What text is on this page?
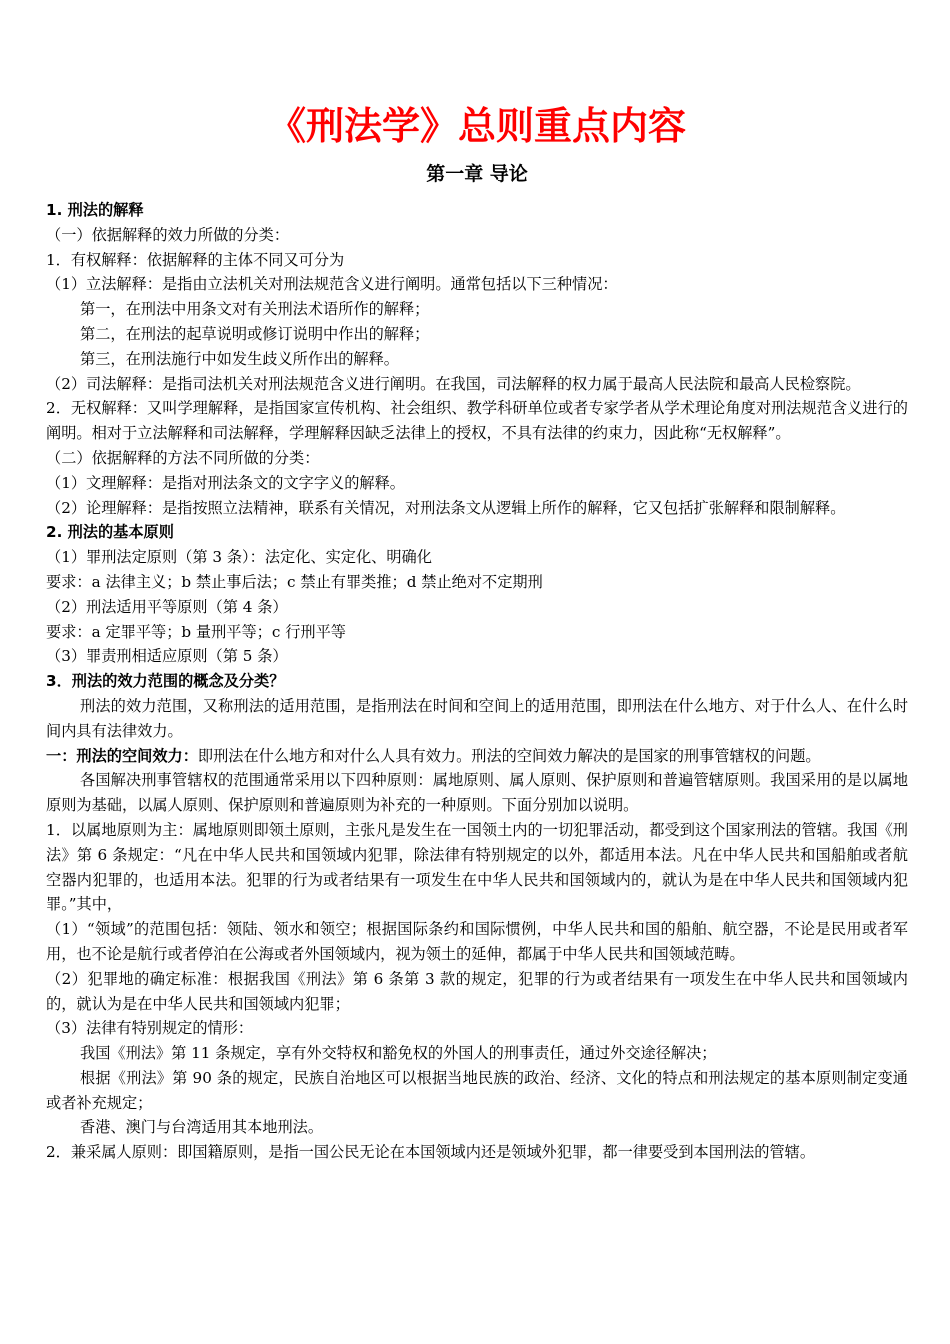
《刑法学》总则重点内容
第一章 导论
1. 刑法的解释
（一）依据解释的效力所做的分类：
1．有权解释：依据解释的主体不同又可分为
（1）立法解释：是指由立法机关对刑法规范含义进行阐明。通常包括以下三种情况：
第一，在刑法中用条文对有关刑法术语所作的解释；
第二，在刑法的起草说明或修订说明中作出的解释；
第三，在刑法施行中如发生歧义所作出的解释。
（2）司法解释：是指司法机关对刑法规范含义进行阐明。在我国，司法解释的权力属于最高人民法院和最高人民检察院。
2．无权解释：又叫学理解释，是指国家宣传机构、社会组织、教学科研单位或者专家学者从学术理论角度对刑法规范含义进行的阐明。相对于立法解释和司法解释，学理解释因缺乏法律上的授权，不具有法律的约束力，因此称“无权解释”。
（二）依据解释的方法不同所做的分类：
（1）文理解释：是指对刑法条文的文字字义的解释。
（2）论理解释：是指按照立法精神，联系有关情况，对刑法条文从逻辑上所作的解释，它又包括扩张解释和限制解释。
2. 刑法的基本原则
（1）罪刑法定原则（第 3 条）：法定化、实定化、明确化
要求：a 法律主义；b 禁止事后法；c 禁止有罪类推；d 禁止绝对不定期刑
（2）刑法适用平等原则（第 4 条）
要求：a 定罪平等；b 量刑平等；c 行刑平等
（3）罪责刑相适应原则（第 5 条）
3．刑法的效力范围的概念及分类？
刑法的效力范围，又称刑法的适用范围，是指刑法在时间和空间上的适用范围，即刑法在什么地方、对于什么人、在什么时间内具有法律效力。
一：刑法的空间效力：即刑法在什么地方和对什么人具有效力。刑法的空间效力解决的是国家的刑事管辖权的问题。
各国解决刑事管辖权的范围通常采用以下四种原则：属地原则、属人原则、保护原则和普遍管辖原则。我国采用的是以属地原则为基础，以属人原则、保护原则和普遍原则为补充的一种原则。下面分别加以说明。
1．以属地原则为主：属地原则即领土原则，主张凡是发生在一国领土内的一切犯罪活动，都受到这个国家刑法的管辖。我国《刑法》第 6 条规定：“凡在中华人民共和国领域内犯罪，除法律有特别规定的以外，都适用本法。凡在中华人民共和国船舶或者航空器内犯罪的，也适用本法。犯罪的行为或者结果有一项发生在中华人民共和国领域内的，就认为是在中华人民共和国领域内犯罪。”其中，
（1）“领域”的范围包括：领陆、领水和领空；根据国际条约和国际惯例，中华人民共和国的船舶、航空器，不论是民用或者军用，也不论是航行或者停泊在公海或者外国领域内，视为领土的延伸，都属于中华人民共和国领域范畴。
（2）犯罪地的确定标准：根据我国《刑法》第 6 条第 3 款的规定，犯罪的行为或者结果有一项发生在中华人民共和国领域内的，就认为是在中华人民共和国领域内犯罪；
（3）法律有特别规定的情形：
我国《刑法》第 11 条规定，享有外交特权和豁免权的外国人的刑事责任，通过外交途径解决；
根据《刑法》第 90 条的规定，民族自治地区可以根据当地民族的政治、经济、文化的特点和刑法规定的基本原则制定变通或者补充规定；
香港、澳门与台湾适用其本地刑法。
2．兼采属人原则：即国籍原则，是指一国公民无论在本国领域内还是领域外犯罪，都一律要受到本国刑法的管辖。
